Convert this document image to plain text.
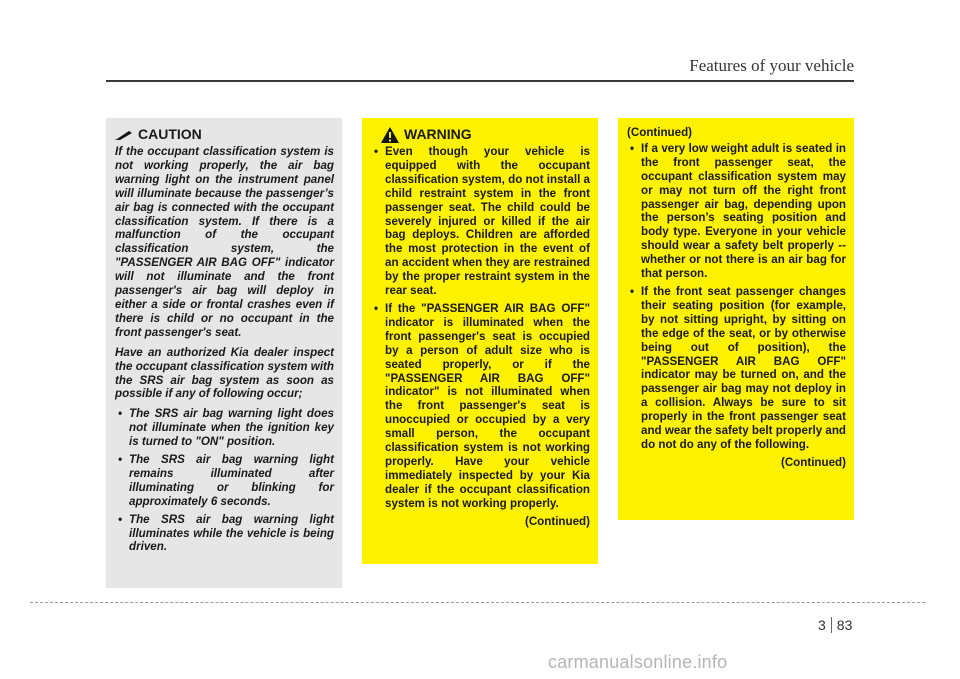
Features of your vehicle
CAUTION

If the occupant classification system is not working properly, the air bag warning light on the instrument panel will illuminate because the passenger’s air bag is connected with the occupant classification system. If there is a malfunction of the occupant classification system, the "PASSENGER AIR BAG OFF" indicator will not illuminate and the front passenger's air bag will deploy in either a side or frontal crashes even if there is child or no occupant in the front passenger's seat.

Have an authorized Kia dealer inspect the occupant classification system with the SRS air bag system as soon as possible if any of following occur;

• The SRS air bag warning light does not illuminate when the ignition key is turned to "ON" position.
• The SRS air bag warning light remains illuminated after illuminating or blinking for approximately 6 seconds.
• The SRS air bag warning light illuminates while the vehicle is being driven.
WARNING
• Even though your vehicle is equipped with the occupant classification system, do not install a child restraint system in the front passenger seat. The child could be severely injured or killed if the air bag deploys. Children are afforded the most protection in the event of an accident when they are restrained by the proper restraint system in the rear seat.
• If the "PASSENGER AIR BAG OFF" indicator is illuminated when the front passenger's seat is occupied by a person of adult size who is seated properly, or if the "PASSENGER AIR BAG OFF" indicator" is not illuminated when the front passenger's seat is unoccupied or occupied by a very small person, the occupant classification system is not working properly. Have your vehicle immediately inspected by your Kia dealer if the occupant classification system is not working properly.
(Continued)
(Continued)
• If a very low weight adult is seated in the front passenger seat, the occupant classification system may or may not turn off the right front passenger air bag, depending upon the person’s seating position and body type. Everyone in your vehicle should wear a safety belt properly -- whether or not there is an air bag for that person.
• If the front seat passenger changes their seating position (for example, by not sitting upright, by sitting on the edge of the seat, or by otherwise being out of position), the "PASSENGER AIR BAG OFF" indicator may be turned on, and the passenger air bag may not deploy in a collision. Always be sure to sit properly in the front passenger seat and wear the safety belt properly and do not do any of the following.
(Continued)
3 83
carmanualsonline.info
